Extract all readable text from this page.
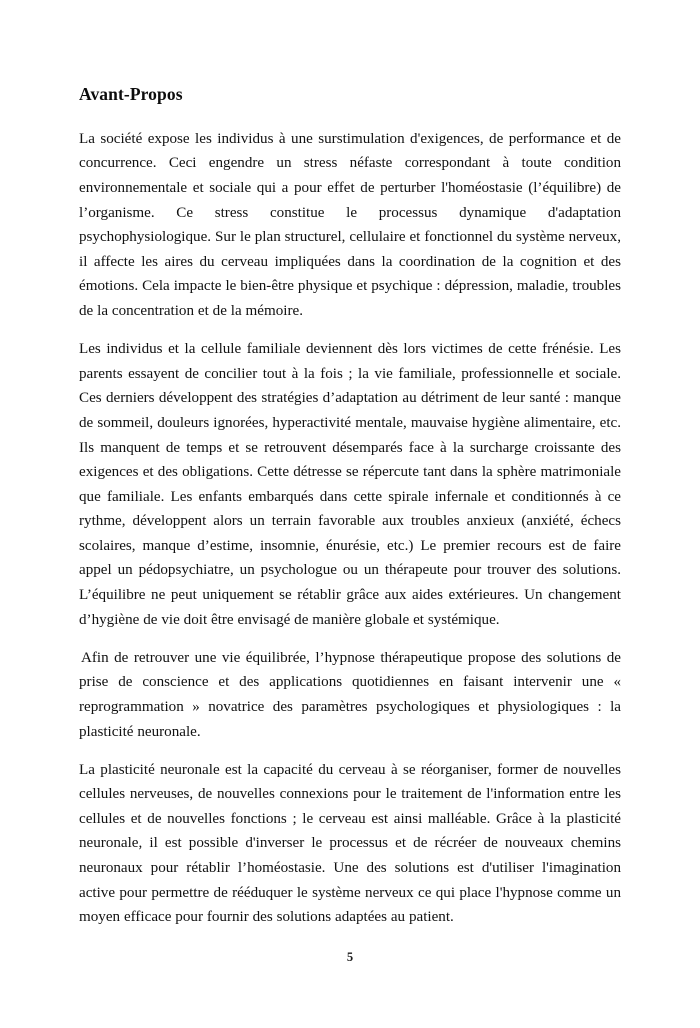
Avant-Propos

La société expose les individus à une surstimulation d'exigences, de performance et de concurrence. Ceci engendre un stress néfaste correspondant à toute condition environnementale et sociale qui a pour effet de perturber l'homéostasie (l’équilibre) de l’organisme. Ce stress constitue le processus dynamique d'adaptation psychophysiologique. Sur le plan structurel, cellulaire et fonctionnel du système nerveux, il affecte les aires du cerveau impliquées dans la coordination de la cognition et des émotions. Cela impacte le bien-être physique et psychique : dépression, maladie, troubles de la concentration et de la mémoire.

Les individus et la cellule familiale deviennent dès lors victimes de cette frénésie. Les parents essayent de concilier tout à la fois ; la vie familiale, professionnelle et sociale. Ces derniers développent des stratégies d’adaptation au détriment de leur santé : manque de sommeil, douleurs ignorées, hyperactivité mentale, mauvaise hygiène alimentaire, etc. Ils manquent de temps et se retrouvent désemparés face à la surcharge croissante des exigences et des obligations. Cette détresse se répercute tant dans la sphère matrimoniale que familiale. Les enfants embarqués dans cette spirale infernale et conditionnés à ce rythme, développent alors un terrain favorable aux troubles anxieux (anxiété, échecs scolaires, manque d’estime, insomnie, énurésie, etc.) Le premier recours est de faire appel un pédopsychiatre, un psychologue ou un thérapeute pour trouver des solutions. L’équilibre ne peut uniquement se rétablir grâce aux aides extérieures. Un changement d’hygiène de vie doit être envisagé de manière globale et systémique.

Afin de retrouver une vie équilibrée, l’hypnose thérapeutique propose des solutions de prise de conscience et des applications quotidiennes en faisant intervenir une « reprogrammation » novatrice des paramètres psychologiques et physiologiques : la plasticité neuronale.

La plasticité neuronale est la capacité du cerveau à se réorganiser, former de nouvelles cellules nerveuses, de nouvelles connexions pour le traitement de l'information entre les cellules et de nouvelles fonctions ; le cerveau est ainsi malléable. Grâce à la plasticité neuronale, il est possible d'inverser le processus et de récréer de nouveaux chemins neuronaux pour rétablir l’homéostasie. Une des solutions est d'utiliser l'imagination active pour permettre de rééduquer le système nerveux ce qui place l'hypnose comme un moyen efficace pour fournir des solutions adaptées au patient.

5
